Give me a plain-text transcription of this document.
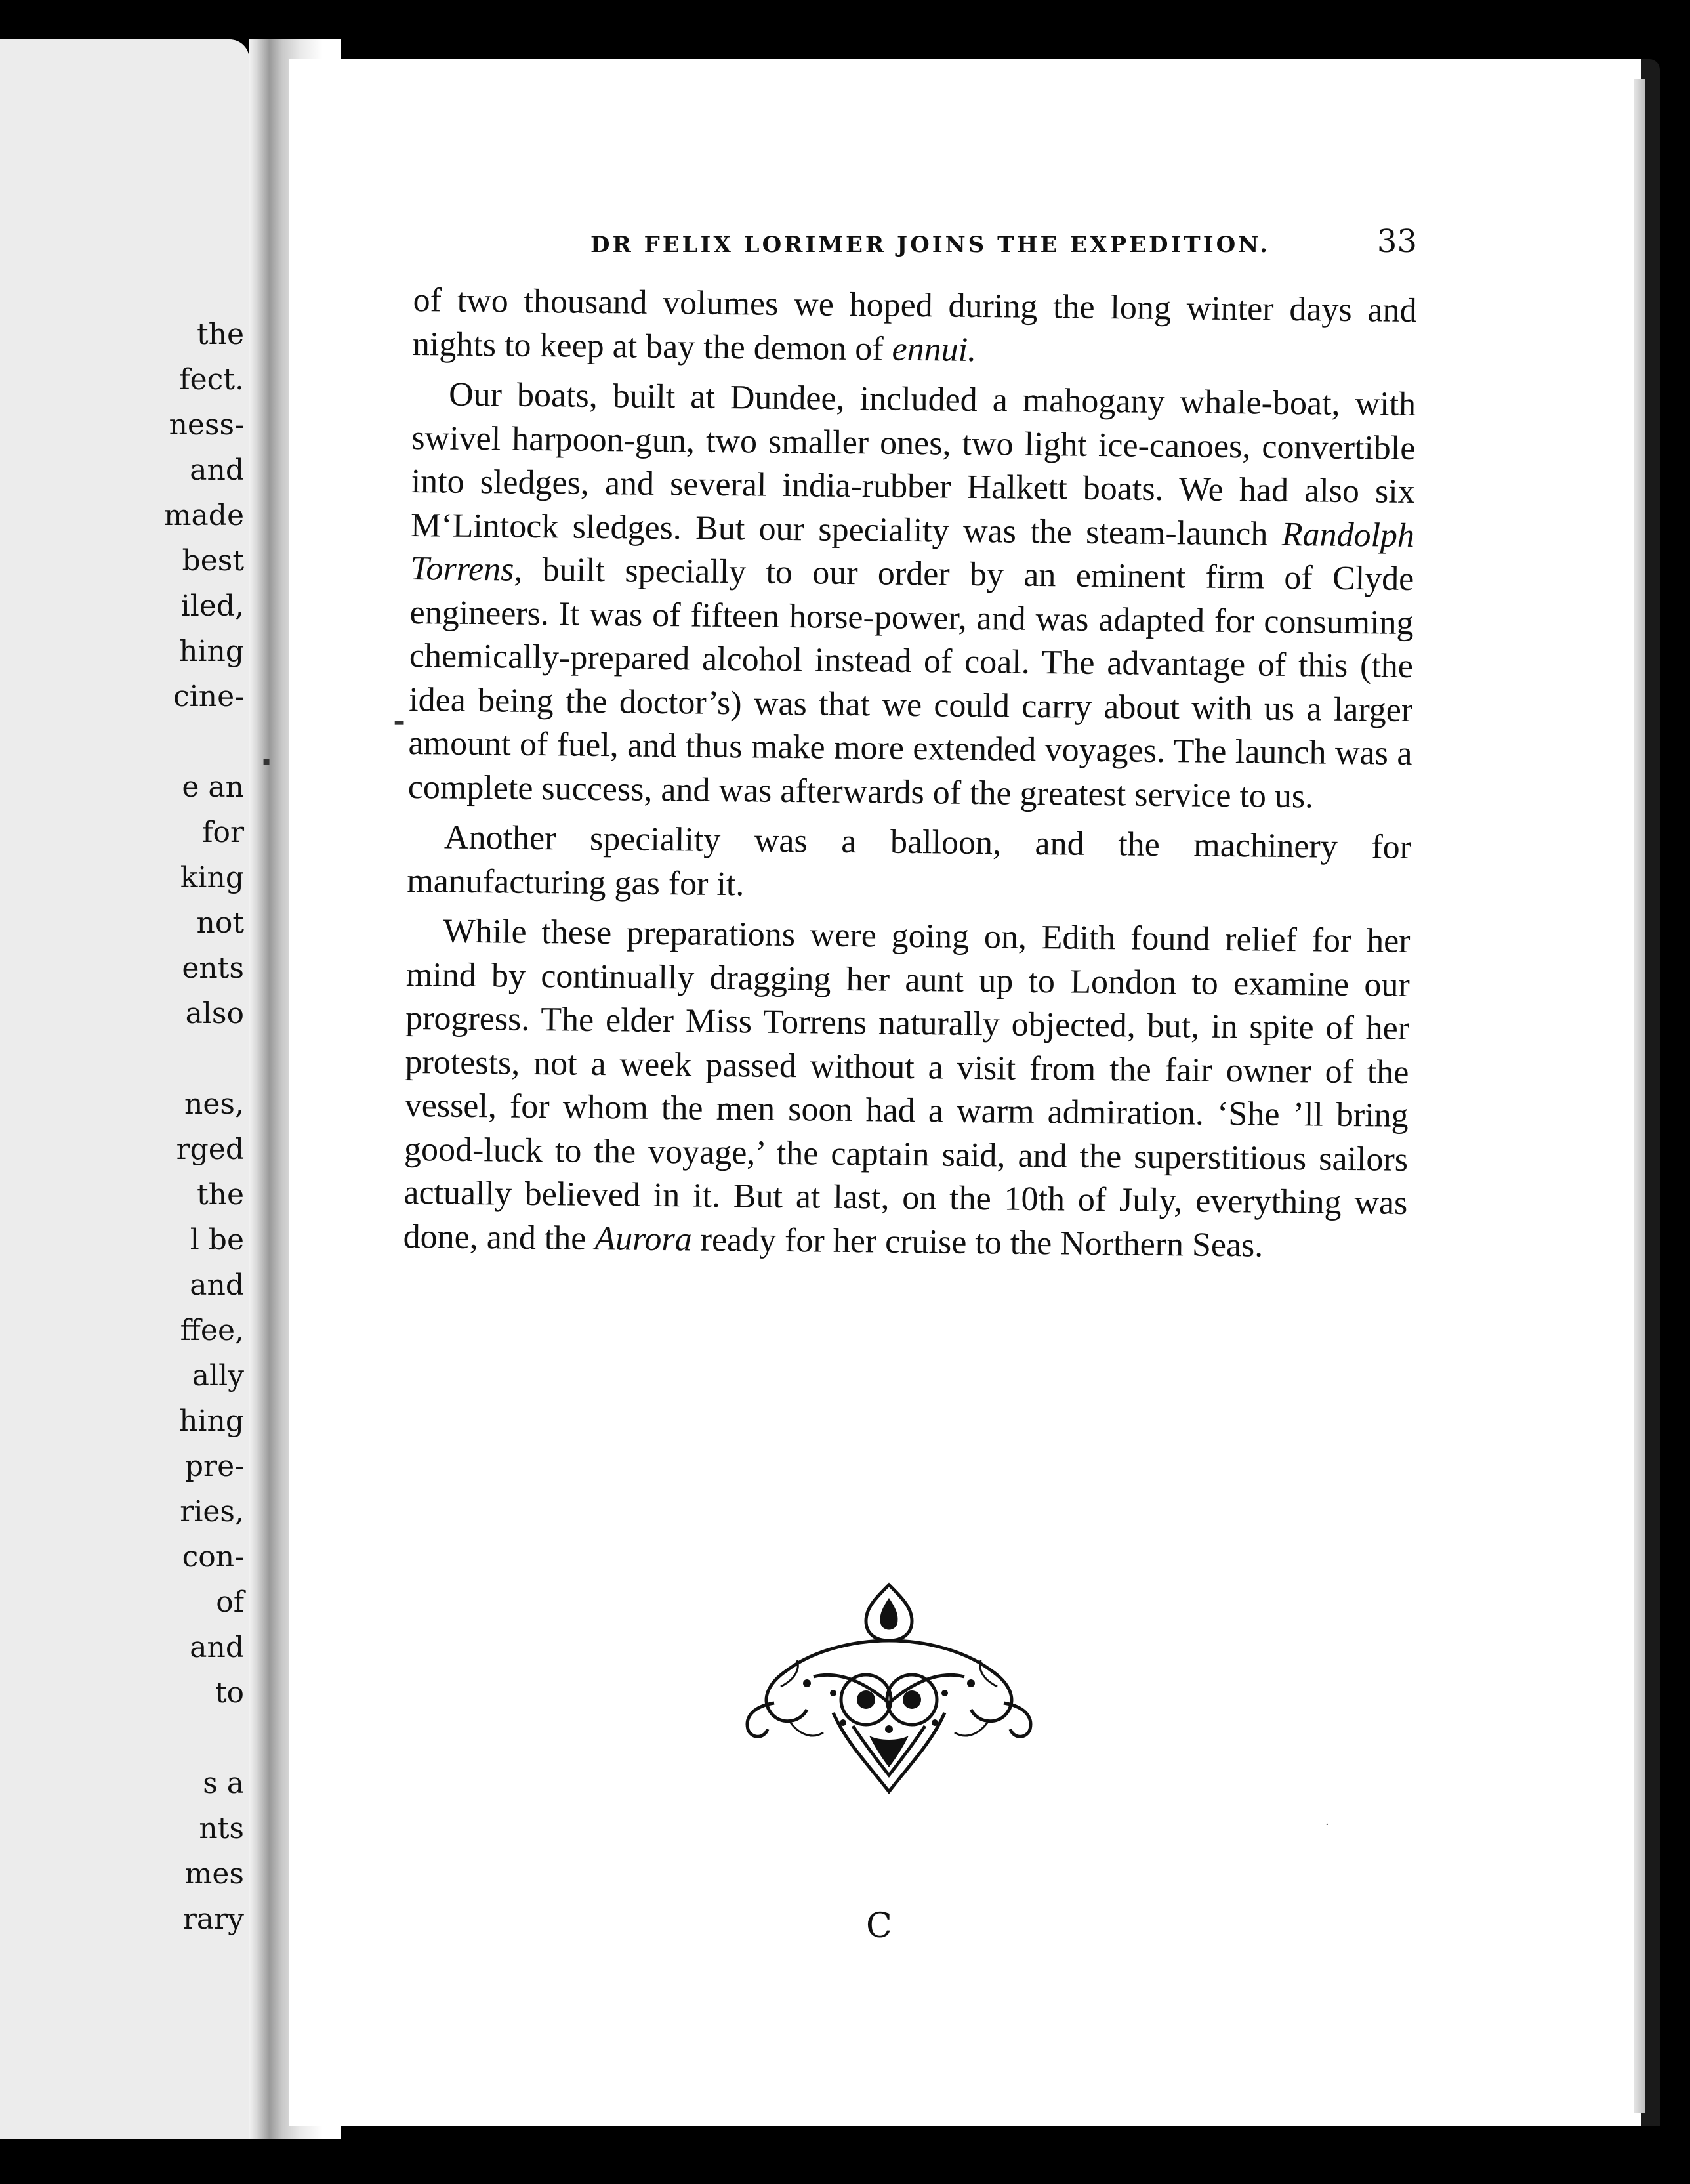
the
fect.
ness-
and
made
best
iled,
hing
cine-
e an
for
king
not
ents
also
nes,
rged
the
l be
and
ffee,
ally
hing
pre-
ries,
con-
of
and
to
s a
nts
mes
rary
DR FELIX LORIMER JOINS THE EXPEDITION.	33

of two thousand volumes we hoped during the long winter days and nights to keep at bay the demon of ennui.

Our boats, built at Dundee, included a mahogany whale-boat, with swivel harpoon-gun, two smaller ones, two light ice-canoes, convertible into sledges, and several india-rubber Halkett boats. We had also six M‘Lintock sledges. But our speciality was the steam-launch Randolph Torrens, built specially to our order by an eminent firm of Clyde engineers. It was of fifteen horse-power, and was adapted for consuming chemically-prepared alcohol instead of coal. The advantage of this (the idea being the doctor’s) was that we could carry about with us a larger amount of fuel, and thus make more extended voyages. The launch was a complete success, and was afterwards of the greatest service to us.

Another speciality was a balloon, and the machinery for manufacturing gas for it.

While these preparations were going on, Edith found relief for her mind by continually dragging her aunt up to London to examine our progress. The elder Miss Torrens naturally objected, but, in spite of her protests, not a week passed without a visit from the fair owner of the vessel, for whom the men soon had a warm admiration. ‘She ’ll bring good-luck to the voyage,’ the captain said, and the superstitious sailors actually believed in it. But at last, on the 10th of July, everything was done, and the Aurora ready for her cruise to the Northern Seas.

C
▬
▪
·
